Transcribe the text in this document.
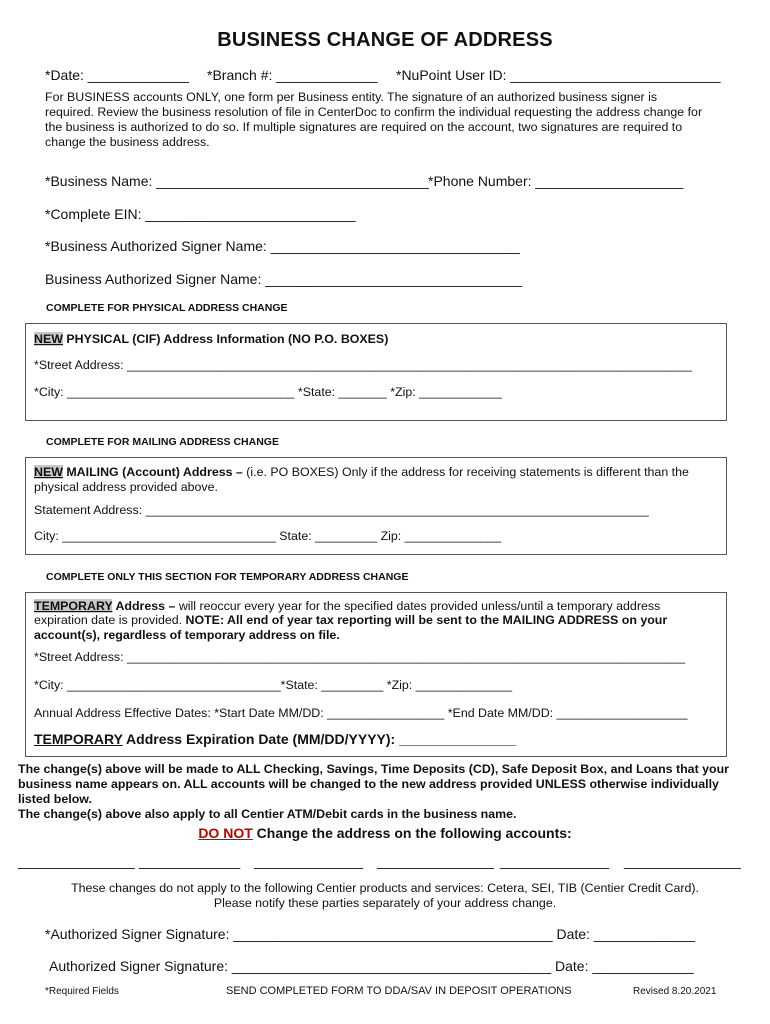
BUSINESS CHANGE OF ADDRESS
*Date: _____________ *Branch #: _____________ *NuPoint User ID: ___________________________
For BUSINESS accounts ONLY, one form per Business entity. The signature of an authorized business signer is
required. Review the business resolution of file in CenterDoc to confirm the individual requesting the address change for
the business is authorized to do so. If multiple signatures are required on the account, two signatures are required to
change the business address.
*Business Name: ___________________________________ *Phone Number: ___________________
*Complete EIN: ___________________________
*Business Authorized Signer Name: ________________________________
Business Authorized Signer Name: _________________________________
COMPLETE FOR PHYSICAL ADDRESS CHANGE
NEW PHYSICAL (CIF) Address Information (NO P.O. BOXES)
*Street Address: __________________________________________________________________________________
*City: _________________________________ *State: _______ *Zip: ____________
COMPLETE FOR MAILING ADDRESS CHANGE
NEW MAILING (Account) Address – (i.e. PO BOXES) Only if the address for receiving statements is different than the
physical address provided above.
Statement Address: _________________________________________________________________________
City: _______________________________ State: _________ Zip: ______________
COMPLETE ONLY THIS SECTION FOR TEMPORARY ADDRESS CHANGE
TEMPORARY Address – will reoccur every year for the specified dates provided unless/until a temporary address
expiration date is provided. NOTE: All end of year tax reporting will be sent to the MAILING ADDRESS on your
account(s), regardless of temporary address on file.
*Street Address: _________________________________________________________________________________
*City: _______________________________*State: _________ *Zip: ______________
Annual Address Effective Dates: *Start Date MM/DD: _________________ *End Date MM/DD: ___________________
TEMPORARY Address Expiration Date (MM/DD/YYYY): _______________
The change(s) above will be made to ALL Checking, Savings, Time Deposits (CD), Safe Deposit Box, and Loans that your
business name appears on. ALL accounts will be changed to the new address provided UNLESS otherwise individually
listed below.
The change(s) above also apply to all Centier ATM/Debit cards in the business name.
DO NOT Change the address on the following accounts:
_______________ _____________ ______________ _______________ ______________ _______________
These changes do not apply to the following Centier products and services: Cetera, SEI, TIB (Centier Credit Card).
Please notify these parties separately of your address change.
*Authorized Signer Signature: _________________________________________ Date: _____________
Authorized Signer Signature: _________________________________________ Date: _____________
*Required Fields	SEND COMPLETED FORM TO DDA/SAV IN DEPOSIT OPERATIONS	Revised 8.20.2021
